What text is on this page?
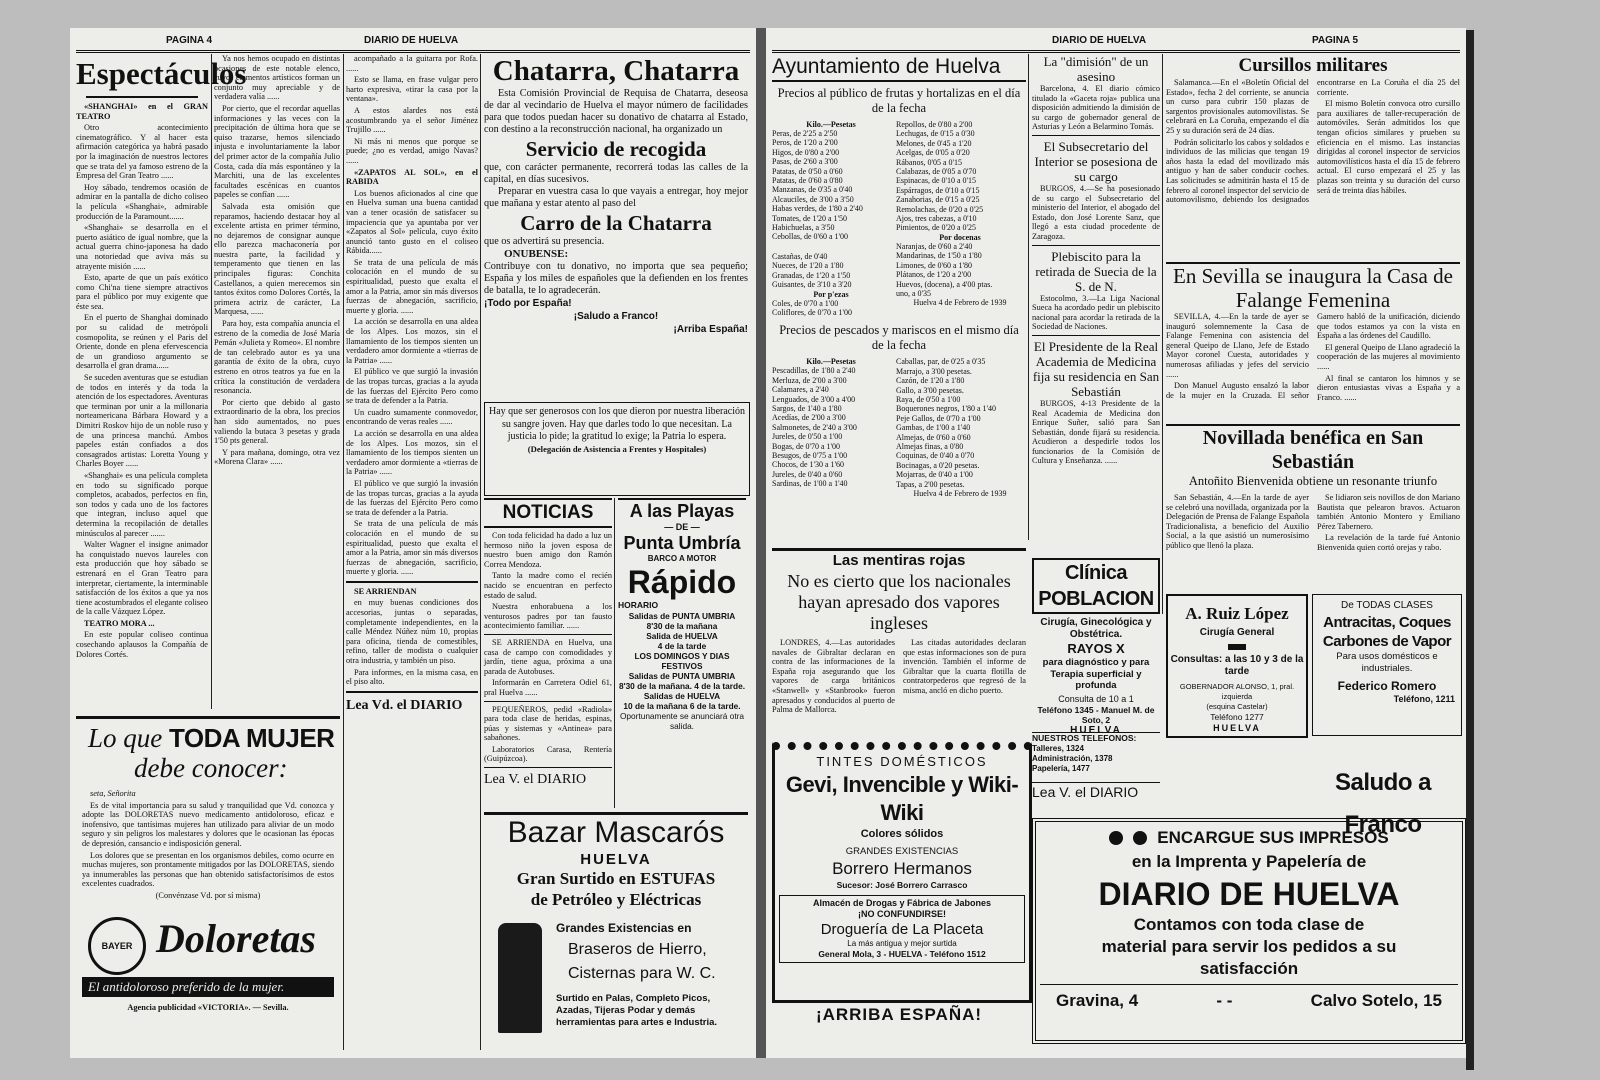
PAGINA 4	DIARIO DE HUELVA
Espectáculos

«SHANGHAI» en el GRAN TEATRO

Otro acontecimiento cinematográfico. Y al hacer esta afirmación categórica ya habrá pasado por la imaginación de nuestros lectores que se trata del ya famoso estreno de la Empresa del Gran Teatro ......

Hoy sábado, tendremos ocasión de admirar en la pantalla de dicho coliseo la película «Shanghai», admirable producción de la Paramount.......

«Shanghai» se desarrolla en el puerto asiático de igual nombre, que la actual guerra chino-japonesa ha dado una notoriedad que aviva más su atrayente misión ......

Esto, aparte de que un país exótico como Chi'na tiene siempre atractivos para el público por muy exigente que éste sea.

En el puerto de Shanghai dominado por su calidad de metrópoli cosmopolita, se reúnen y el Paris del Oriente, donde en plena efervescencia de un grandioso argumento se desarrolla el gran drama......

Se suceden aventuras que se estudian de todos en interés y da toda la atención de los espectadores. Aventuras que terminan por unir a la millonaria norteamericana Bárbara Howard y a Dimitri Roskov hijo de un noble ruso y de una princesa manchú. Ambos papeles están confiados a dos consagrados artistas: Loretta Young y Charles Boyer ......

«Shanghai» es una película completa en todo su significado porque completos, acabados, perfectos en fin, son todos y cada uno de los factores que integran, incluso aquel que determina la recopilación de detalles minúsculos al parecer .......

Walter Wagner el insigne animador ha conquistado nuevos laureles con esta producción que hoy sábado se estrenará en el Gran Teatro para interpretar, ciertamente, la interminable satisfacción de los éxitos a que ya nos tiene acostumbrados el elegante coliseo de la calle Vázquez López.

TEATRO MORA ...

En este popular coliseo continua cosechando aplausos la Compañía de Dolores Cortés.

Ya nos hemos ocupado en distintas ocasiones de este notable elenco, cuyos elementos artísticos forman un conjunto muy apreciable y de verdadera valía ......

Por cierto, que el recordar aquellas informaciones y las veces con la precipitación de última hora que se quiso trazarse, hemos silenciado injusta e involuntariamente la labor del primer actor de la compañía Julio Costa, cada día más espontáneo y la Marchiti, una de las excelentes facultades escénicas en cuantos papeles se confían ......

Salvada esta omisión que reparamos, haciendo destacar hoy al excelente artista en primer término, no dejaremos de consignar aunque ello parezca machaconería por nuestra parte, la facilidad y temperamento que tienen en las principales figuras: Conchita Castellanos, a quien merecemos sin tantos éxitos como Dolores Cortés, la primera actriz de carácter, La Marquesa, ......

Para hoy, esta compañía anuncia el estreno de la comedia de José María Pemán «Julieta y Romeo». El nombre de tan celebrado autor es ya una garantía de éxito de la obra, cuyo estreno en otros teatros ya fue en la crítica la constitución de verdadera resonancia.

Por cierto que debido al gasto extraordinario de la obra, los precios han sido aumentados, no pues valiendo la butaca 3 pesetas y grada 1'50 pts general.

Y para mañana, domingo, otra vez «Morena Clara» ......

Lo que TODA MUJER
debe conocer:

seta, Señorita

Es de vital importancia para su salud y tranquilidad que Vd. conozca y adopte las DOLORETAS nuevo medicamento antidoloroso, eficaz e inofensivo, que tantísimas mujeres han utilizado para aliviar de un modo seguro y sin peligros los malestares y dolores que le ocasionan las épocas de depresión, cansancio e indisposición general.

Los dolores que se presentan en los organismos debiles, como ocurre en muchas mujeres, son prontamente mitigados por las DOLORETAS, siendo ya innumerables las personas que han obtenido satisfactorísimos de estos excelentes cuadrados.

(Convénzase Vd. por sí misma)

BAYER Doloretas
El antidoloroso preferido de la mujer.
Agencia publicidad «VICTORIA». — Sevilla.

acompañado a la guitarra por Rofa. ......

Esto se llama, en frase vulgar pero harto expresiva, «tirar la casa por la ventana».

A estos alardes nos está acostumbrando ya el señor Jiménez Trujillo ......

Ni más ni menos que porque se puede; ¿no es verdad, amigo Navas? ......

«ZAPATOS AL SOL», en el RABIDA

Los buenos aficionados al cine que en Huelva suman una buena cantidad van a tener ocasión de satisfacer su impaciencia que ya apuntaba por ver «Zapatos al Sol» película, cuyo éxito anunció tanto gusto en el coliseo Rábida......

Se trata de una película de más colocación en el mundo de su espiritualidad, puesto que exalta el amor a la Patria, amor sin más diversos fuerzas de abnegación, sacrificio, muerte y gloria. ......

La acción se desarrolla en una aldea de los Alpes. Los mozos, sin el llamamiento de los tiempos sienten un verdadero amor dormiente a «tierras de la Patria» ......

El público ve que surgió la invasión de las tropas turcas, gracias a la ayuda de las fuerzas del Ejército Pero como se trata de defender a la Patria.

Un cuadro sumamente conmovedor, encontrando de veras reales ......

La acción se desarrolla en una aldea de los Alpes. Los mozos, sin el llamamiento de los tiempos sienten un verdadero amor dormiente a «tierras de la Patria» ......

El público ve que surgió la invasión de las tropas turcas, gracias a la ayuda de las fuerzas del Ejército Pero como se trata de defender a la Patria.

Se trata de una película de más colocación en el mundo de su espiritualidad, puesto que exalta el amor a la Patria, amor sin más diversos fuerzas de abnegación, sacrificio, muerte y gloria. ......

SE ARRIENDAN

en muy buenas condiciones dos accesorias, juntas o separadas, completamente independientes, en la calle Méndez Núñez núm 10, propias para oficina, tienda de comestibles, refino, taller de modista o cualquier otra industria, y también un piso.

Para informes, en la misma casa, en el piso alto.

Lea Vd. el DIARIO
Chatarra, Chatarra
Esta Comisión Provincial de Requisa de Chatarra, deseosa de dar al vecindario de Huelva el mayor número de facilidades para que todos puedan hacer su donativo de chatarra al Estado, con destino a la reconstrucción nacional, ha organizado un
Servicio de recogida
que, con carácter permanente, recorrerá todas las calles de la capital, en días sucesivos.
Preparar en vuestra casa lo que vayais a entregar, hoy mejor que mañana y estar atento al paso del
Carro de la Chatarra
que os advertirá su presencia.
ONUBENSE:
Contribuye con tu donativo, no importa que sea pequeño; España y los miles de españoles que la defienden en los frentes de batalla, te lo agradecerán.
¡Todo por España!
¡Saludo a Franco!
¡Arriba España!
Hay que ser generosos con los que dieron por nuestra liberación su sangre joven. Hay que darles todo lo que necesitan. La justicia lo pide; la gratitud lo exige; la Patria lo espera.
(Delegación de Asistencia a Frentes y Hospitales)
NOTICIAS

Con toda felicidad ha dado a luz un hermoso niño la joven esposa de nuestro buen amigo don Ramón Correa Mendoza.

Tanto la madre como el recién nacido se encuentran en perfecto estado de salud.

Nuestra enhorabuena a los venturosos padres por tan fausto acontecimiento familiar. ......

SE ARRIENDA en Huelva, una casa de campo con comodidades y jardín, tiene agua, próxima a una parada de Autobuses.

Informarán en Carretera Odiel 61, pral Huelva ......

PEQUEÑEROS, pedid «Radiola» para toda clase de heridas, espinas, púas y sistemas y «Antinea» para sabañones.

Laboratorios Carasa, Rentería (Guipúzcoa).

Lea V. el DIARIO
A las Playas
— DE —
Punta Umbría
BARCO A MOTOR
Rápido
HORARIO
Salidas de PUNTA UMBRIA
8'30 de la mañana
Salida de HUELVA
4 de la tarde
LOS DOMINGOS Y DIAS FESTIVOS
Salidas de PUNTA UMBRIA
8'30 de la mañana. 4 de la tarde.
Salidas de HUELVA
10 de la mañana 6 de la tarde.
Oportunamente se anunciará otra salida.
Bazar Mascarós
HUELVA
Gran Surtido en ESTUFAS
de Petróleo y Eléctricas
Grandes Existencias en
Braseros de Hierro,
Cisternas para W. C.
Surtido en Palas, Completo Picos, Azadas, Tijeras Podar y demás herramientas para artes e Industria.
DIARIO DE HUELVA	PAGINA 5
Ayuntamiento de Huelva
Precios al público de frutas y hortalizas en el día de la fecha
Kilo.—Pesetas
Peras, de 2'25 a 2'50
Peros, de 1'20 a 2'00
Higos, de 0'80 a 2'00
Pasas, de 2'60 a 3'00
Patatas, de 0'50 a 0'60
Patatas, de 0'60 a 0'80
Manzanas, de 0'35 a 0'40
Alcauciles, de 3'00 a 3'50
Habas verdes, de 1'80 a 2'40
Tomates, de 1'20 a 1'50
Habichuelas, a 3'50
Cebollas, de 0'60 a 1'00
Castañas, de 0'40
Nueces, de 1'20 a 1'80
Granadas, de 1'20 a 1'50
Guisantes, de 3'10 a 3'20
Por p'ezas
Coles, de 0'70 a 1'00
Coliflores, de 0'70 a 1'00
Repollos, de 0'80 a 2'00
Lechugas, de 0'15 a 0'30
Melones, de 0'45 a 1'20
Acelgas, de 0'05 a 0'20
Rábanos, 0'05 a 0'15
Calabazas, de 0'05 a 0'70
Espinacas, de 0'10 a 0'15
Espárragos, de 0'10 a 0'15
Zanahorias, de 0'15 a 0'25
Remolachas, de 0'20 a 0'25
Ajos, tres cabezas, a 0'10
Pimientos, de 0'20 a 0'25
Por docenas
Naranjas, de 0'60 a 2'40
Mandarinas, de 1'50 a 1'80
Limones, de 0'60 a 1'80
Plátanos, de 1'20 a 2'00
Huevos, (docena), a 4'00 ptas.
uno, a 0'35
Huelva 4 de Febrero de 1939
Precios de pescados y mariscos en el mismo día de la fecha
Kilo.—Pesetas
Pescadillas, de 1'80 a 2'40
Merluza, de 2'00 a 3'00
Calamares, a 2'40
Lenguados, de 3'00 a 4'00
Sargos, de 1'40 a 1'80
Acedías, de 2'00 a 3'00
Salmonetes, de 2'40 a 3'00
Jureles, de 0'50 a 1'00
Bogas, de 0'70 a 1'00
Besugos, de 0'75 a 1'00
Chocos, de 1'30 a 1'60
Jureles, de 0'40 a 0'60
Sardinas, de 1'00 a 1'40
Caballas, par, de 0'25 a 0'35
Marrajo, a 3'00 pesetas.
Cazón, de 1'20 a 1'80
Gallo, a 3'00 pesetas.
Raya, de 0'50 a 1'00
Boquerones negros, 1'80 a 1'40
Peje Gallos, de 0'70 a 1'00
Gambas, de 1'00 a 1'40
Almejas, de 0'60 a 0'60
Almejas finas, a 0'80
Coquinas, de 0'40 a 0'70
Bocinagas, a 0'20 pesetas.
Mojarras, de 0'40 a 1'00
Tapas, a 2'00 pesetas.
Huelva 4 de Febrero de 1939
La "dimisión" de un asesino
Barcelona, 4. El diario cómico titulado la «Gaceta roja» publica una disposición admitiendo la dimisión de su cargo de gobernador general de Asturias y León a Belarmino Tomás.
El Subsecretario del Interior se posesiona de su cargo
BURGOS, 4.—Se ha posesionado de su cargo el Subsecretario del ministerio del Interior, el abogado del Estado, don José Lorente Sanz, que llegó a esta ciudad procedente de Zaragoza.
Plebiscito para la retirada de Suecia de la S. de N.
Estocolmo, 3.—La Liga Nacional Sueca ha acordado pedir un plebiscito nacional para acordar la retirada de la Sociedad de Naciones.
El Presidente de la Real Academia de Medicina fija su residencia en San Sebastián
BURGOS, 4-13 Presidente de la Real Academia de Medicina don Enrique Suñer, salió para San Sebastián, donde fijará su residencia. Acudieron a despedirle todos los funcionarios de la Comisión de Cultura y Enseñanza. ......
Cursillos militares

Salamanca.—En el «Boletín Oficial del Estado», fecha 2 del corriente, se anuncia un curso para cubrir 150 plazas de sargentos provisionales automovilistas. Se celebrará en La Coruña, empezando el día 25 y su duración será de 24 días.

Podrán solicitarlo los cabos y soldados e individuos de las milicias que tengan 19 años hasta la edad del movilizado más antiguo y han de saber conducir coches. Las solicitudes se admitirán hasta el 15 de febrero al coronel inspector del servicio de automovilismo, debiendo los designados encontrarse en La Coruña el día 25 del corriente.

El mismo Boletín convoca otro cursillo para auxiliares de taller-recuperación de automóviles. Serán admitidos los que tengan oficios similares y prueben su eficiencia en el mismo. Las instancias dirigidas al coronel inspector de servicios automovilísticos hasta el día 15 de febrero actual. El curso empezará el 25 y las plazas son treinta y su duración del curso será de treinta días hábiles.

En Sevilla se inaugura la Casa de Falange Femenina

SEVILLA, 4.—En la tarde de ayer se inauguró solemnemente la Casa de Falange Femenina con asistencia del general Queipo de Llano, Jefe de Estado Mayor coronel Cuesta, autoridades y numerosas afiliadas y jefes del servicio ......

Don Manuel Augusto ensalzó la labor de la mujer en la Cruzada. El señor Gamero habló de la unificación, diciendo que todos estamos ya con la vista en España a las órdenes del Caudillo.

El general Queipo de Llano agradeció la cooperación de las mujeres al movimiento ......

Al final se cantaron los himnos y se dieron entusiastas vivas a España y a Franco. ......

Novillada benéfica en San Sebastián
Antoñito Bienvenida obtiene un resonante triunfo

San Sebastián, 4.—En la tarde de ayer se celebró una novillada, organizada por la Delegación de Prensa de Falange Española Tradicionalista, a beneficio del Auxilio Social, a la que asistió un numerosísimo público que llenó la plaza.

Se lidiaron seis novillos de don Mariano Bautista que pelearon bravos. Actuaron también Antonio Montero y Emiliano Pérez Tabernero.

La revelación de la tarde fué Antonio Bienvenida quien cortó orejas y rabo.

Las mentiras rojas
No es cierto que los nacionales hayan apresado dos vapores ingleses

LONDRES, 4.—Las autoridades navales de Gibraltar declaran en contra de las informaciones de la España roja asegurando que los vapores de carga británicos «Stanwell» y «Stanbrook» fueron apresados y conducidos al puerto de Palma de Mallorca.

Las citadas autoridades declaran que estas informaciones son de pura invención. También el informe de Gibraltar que la cuarta flotilla de contratorpederos que regresó de la misma, ancló en dicho puerto.

Clínica POBLACION
Cirugía, Ginecológica y Obstétrica.
RAYOS X
para diagnóstico y para Terapia superficial y profunda
Consulta de 10 a 1
Teléfono 1345 - Manuel M. de Soto, 2
HUELVA
NUESTROS TELEFONOS:
Talleres, 1324
Administración, 1378
Papelería, 1477
Lea V. el DIARIO
A. Ruiz López
Cirugía General
Consultas: a las 10 y 3 de la tarde
GOBERNADOR ALONSO, 1, pral. izquierda
(esquina Castelar)
Teléfono 1277
HUELVA
De TODAS CLASES
Antracitas, Coques
Carbones de Vapor
Para usos domésticos e industriales.
Federico Romero
Teléfono, 1211
Saludo a Franco
TINTES DOMÉSTICOS
Gevi, Invencible y Wiki-Wiki
Colores sólidos
GRANDES EXISTENCIAS
Borrero Hermanos
Sucesor: José Borrero Carrasco
Almacén de Drogas y Fábrica de Jabones
¡NO CONFUNDIRSE!
Droguería de La Placeta
La más antigua y mejor surtida
General Mola, 3 - HUELVA - Teléfono 1512
¡ARRIBA ESPAÑA!
ENCARGUE SUS IMPRESOS
en la Imprenta y Papelería de
DIARIO DE HUELVA
Contamos con toda clase de
material para servir los pedidos a su satisfacción
Gravina, 4	- -	Calvo Sotelo, 15
